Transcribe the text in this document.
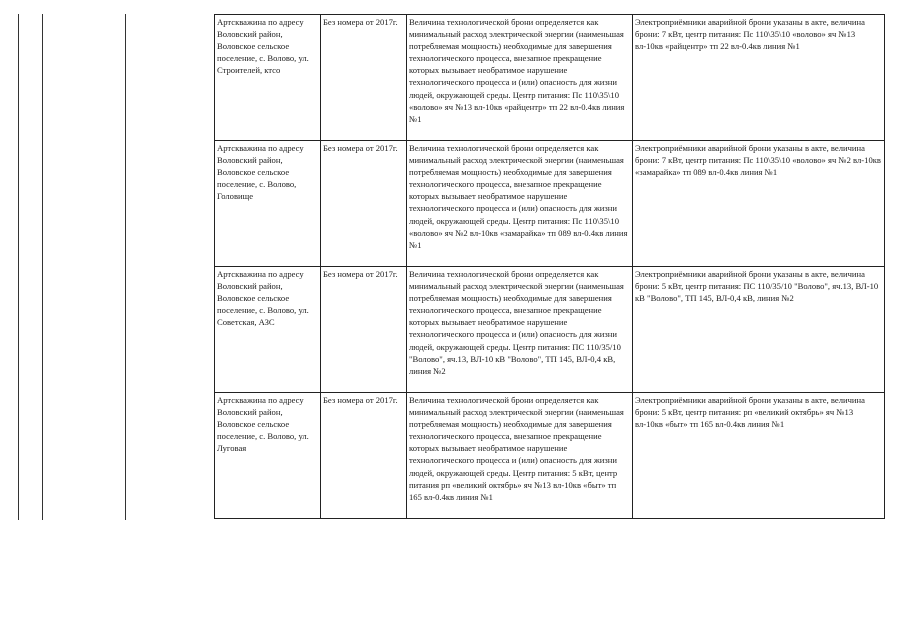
Артскважина по адресу Воловский район, Воловское сельское поселение, с. Волово, ул. Строителей, ктсо	Без номера от 2017г.	Величина технологической брони определяется как минимальный расход электрической энергии (наименьшая потребляемая мощность) необходимые для завершения технологического процесса, внезапное прекращение которых вызывает необратимое нарушение технологического процесса и (или) опасность для жизни людей, окружающей среды. Центр питания: Пс 110\35\10 «волово» яч №13 вл-10кв «райцентр» тп 22 вл-0.4кв линия №1	Электроприёмники аварийной брони указаны в акте, величина брони: 7 кВт, центр питания: Пс 110\35\10 «волово» яч №13 вл-10кв «райцентр» тп 22 вл-0.4кв линия №1
Артскважина по адресу Воловский район, Воловское сельское поселение, с. Волово, Головище	Без номера от 2017г.	Величина технологической брони определяется как минимальный расход электрической энергии (наименьшая потребляемая мощность) необходимые для завершения технологического процесса, внезапное прекращение которых вызывает необратимое нарушение технологического процесса и (или) опасность для жизни людей, окружающей среды. Центр питания: Пс 110\35\10 «волово» яч №2 вл-10кв «замарайка» тп 089 вл-0.4кв линия №1	Электроприёмники аварийной брони указаны в акте, величина брони: 7 кВт, центр питания: Пс 110\35\10 «волово» яч №2 вл-10кв «замарайка» тп 089 вл-0.4кв линия №1
Артскважина по адресу Воловский район, Воловское сельское поселение, с. Волово, ул. Советская, АЗС	Без номера от 2017г.	Величина технологической брони определяется как минимальный расход электрической энергии (наименьшая потребляемая мощность) необходимые для завершения технологического процесса, внезапное прекращение которых вызывает необратимое нарушение технологического процесса и (или) опасность для жизни людей, окружающей среды. Центр питания: ПС 110/35/10 "Волово", яч.13, ВЛ-10 кВ "Волово", ТП 145, ВЛ-0,4 кВ, линия №2	Электроприёмники аварийной брони указаны в акте, величина брони: 5 кВт, центр питания: ПС 110/35/10 "Волово", яч.13, ВЛ-10 кВ "Волово", ТП 145, ВЛ-0,4 кВ, линия №2
Артскважина по адресу Воловский район, Воловское сельское поселение, с. Волово, ул. Луговая	Без номера от 2017г.	Величина технологической брони определяется как минимальный расход электрической энергии (наименьшая потребляемая мощность) необходимые для завершения технологического процесса, внезапное прекращение которых вызывает необратимое нарушение технологического процесса и (или) опасность для жизни людей, окружающей среды. Центр питания: 5 кВт, центр питания рп «великий октябрь» яч №13 вл-10кв «быт» тп 165 вл-0.4кв линия №1	Электроприёмники аварийной брони указаны в акте, величина брони: 5 кВт, центр питания: рп «великий октябрь» яч №13 вл-10кв «быт» тп 165 вл-0.4кв линия №1
